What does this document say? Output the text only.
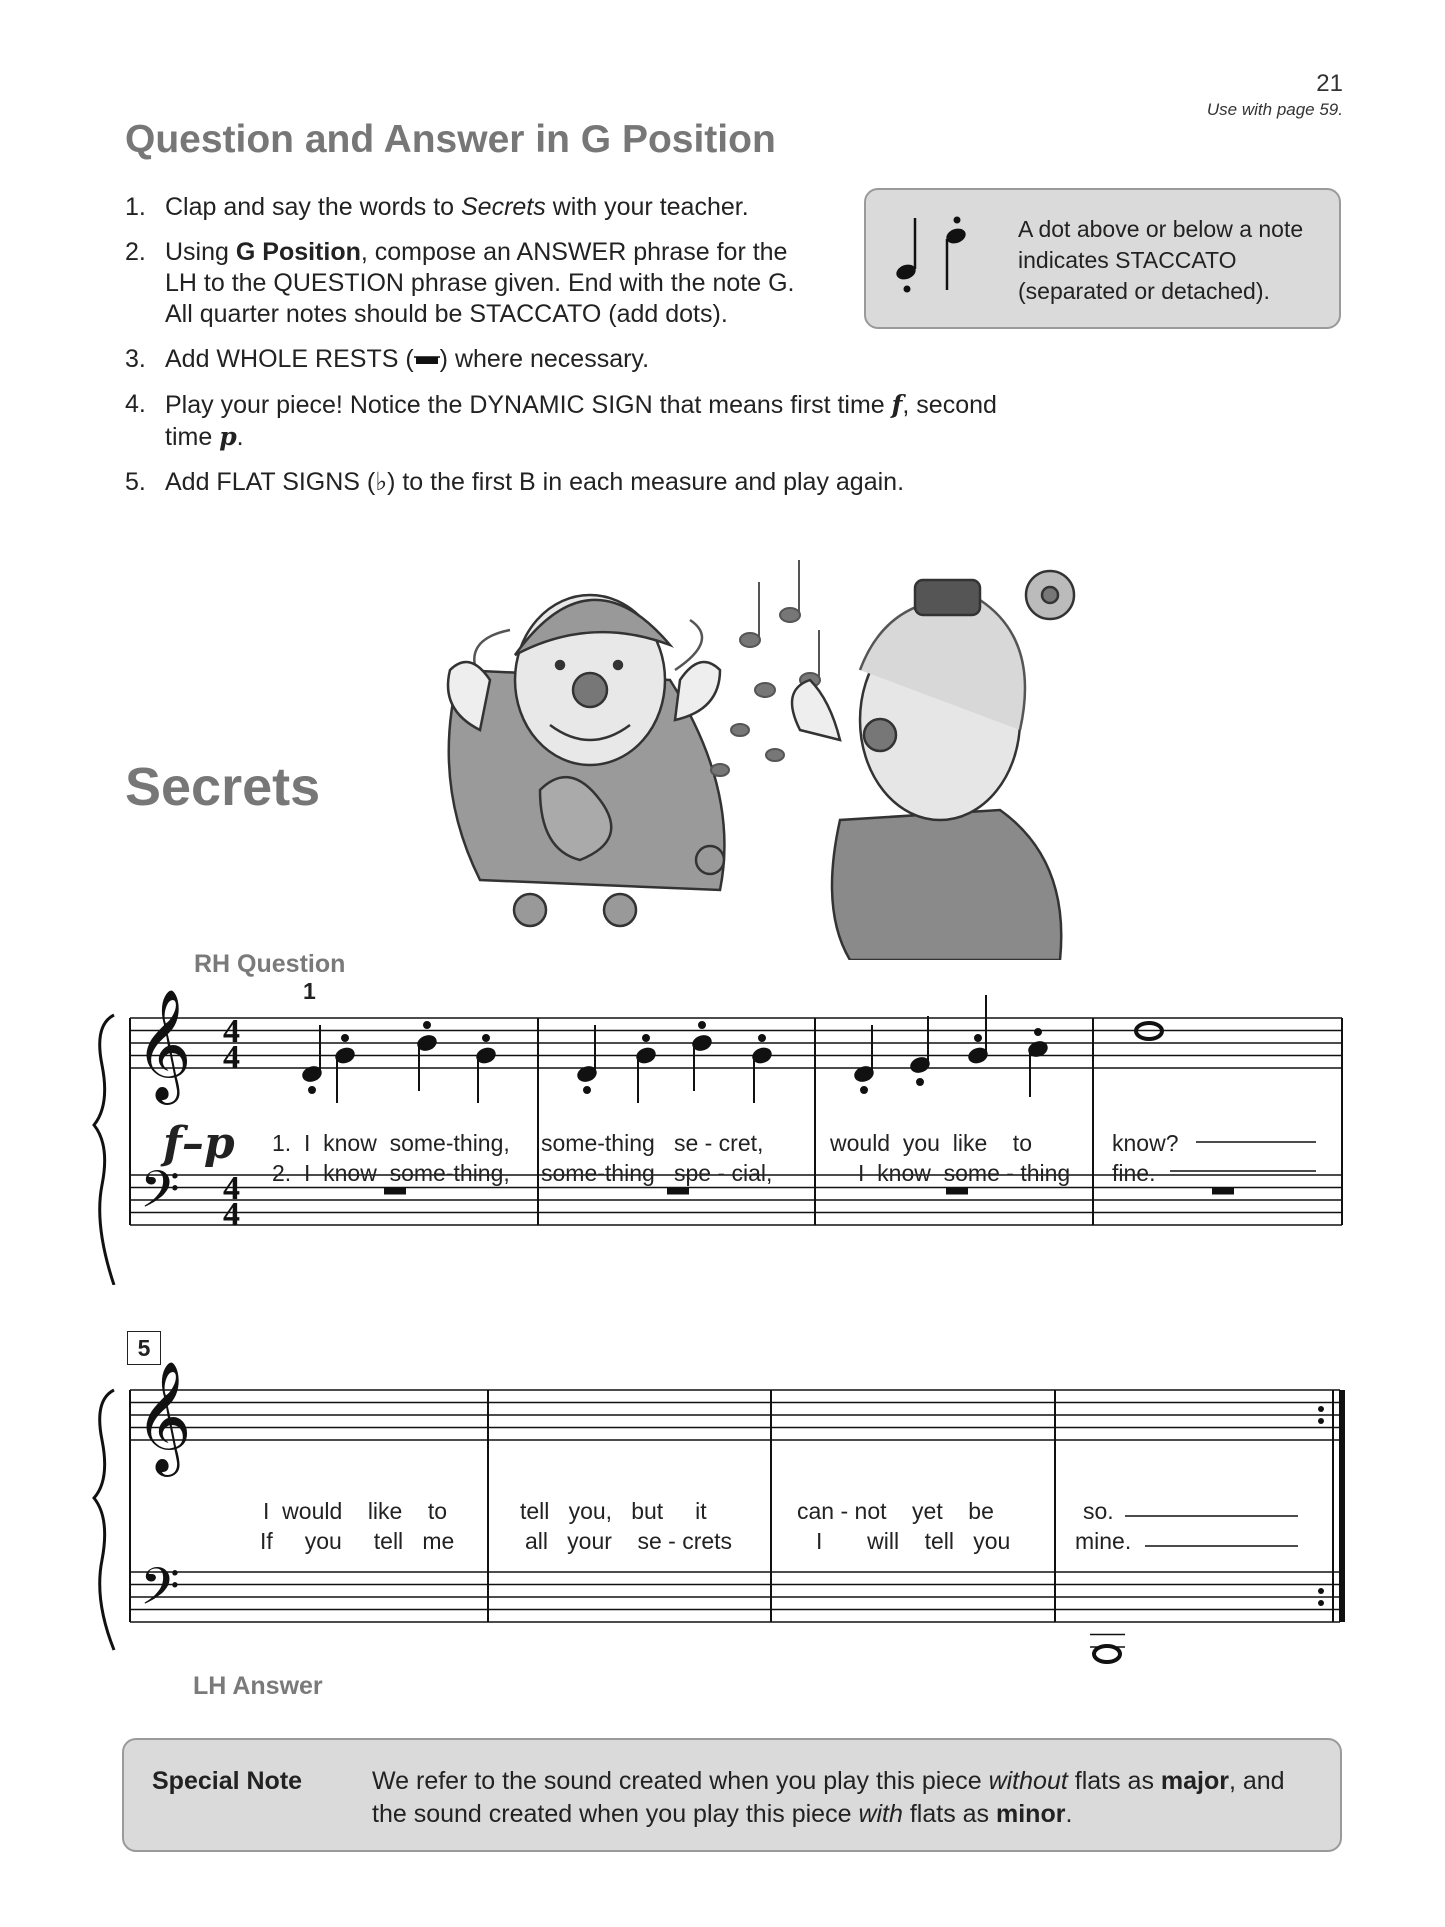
21
Use with page 59.
Question and Answer in G Position
1. Clap and say the words to Secrets with your teacher.
2. Using G Position, compose an ANSWER phrase for the LH to the QUESTION phrase given. End with the note G. All quarter notes should be STACCATO (add dots).
3. Add WHOLE RESTS ( ) where necessary.
4. Play your piece! Notice the DYNAMIC SIGN that means first time f, second time p.
5. Add FLAT SIGNS (♭) to the first B in each measure and play again.
A dot above or below a note indicates STACCATO (separated or detached).
Secrets
RH Question
1
𝄞
𝄢
4
4
4
4
f–p 1.  I  know  some-thing,
2.  I  know  some-thing,
some-thing   se - cret,
some-thing   spe - cial,
would  you  like    to
I  know  some - thing
know?
fine.
5
𝄞
𝄢
I  would    like    to
If     you     tell   me
tell   you,   but     it
all   your    se - crets
can - not    yet    be
I       will    tell   you
so.
mine.
LH Answer
Special Note	We refer to the sound created when you play this piece without flats as major, and the sound created when you play this piece with flats as minor.
